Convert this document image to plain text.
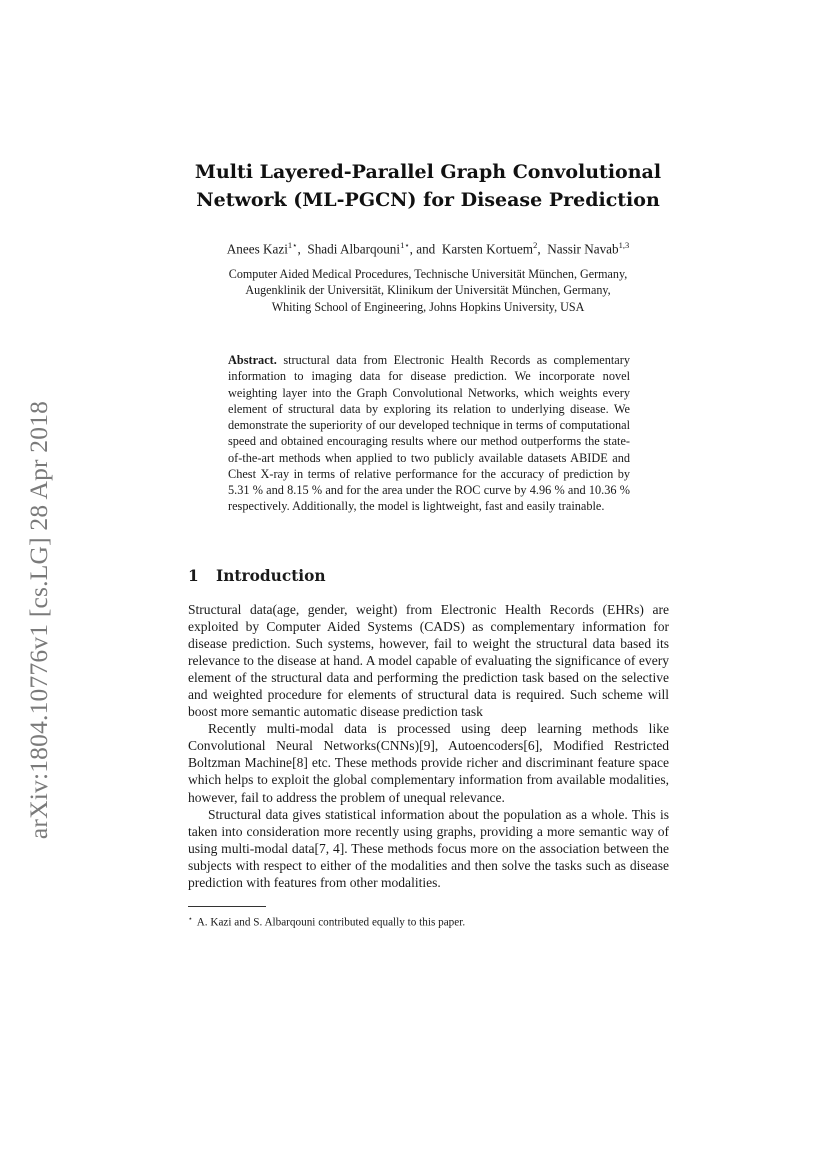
arXiv:1804.10776v1 [cs.LG] 28 Apr 2018
Multi Layered-Parallel Graph Convolutional
Network (ML-PGCN) for Disease Prediction

Anees Kazi$^{1⋆}$,  Shadi Albarqouni$^{1⋆}$, and  Karsten Kortuem$^2$,  Nassir Navab$^{1,3}$

Computer Aided Medical Procedures, Technische Universität München, Germany,
Augenklinik der Universität, Klinikum der Universität München, Germany,
Whiting School of Engineering, Johns Hopkins University, USA

Abstract. structural data from Electronic Health Records as complementary information to imaging data for disease prediction. We incorporate novel weighting layer into the Graph Convolutional Networks, which weights every element of structural data by exploring its relation to underlying disease. We demonstrate the superiority of our developed technique in terms of computational speed and obtained encouraging results where our method outperforms the state-of-the-art methods when applied to two publicly available datasets ABIDE and Chest X-ray in terms of relative performance for the accuracy of prediction by 5.31 % and 8.15 % and for the area under the ROC curve by 4.96 % and 10.36 % respectively. Additionally, the model is lightweight, fast and easily trainable.

1 Introduction

Structural data(age, gender, weight) from Electronic Health Records (EHRs) are exploited by Computer Aided Systems (CADS) as complementary information for disease prediction. Such systems, however, fail to weight the structural data based its relevance to the disease at hand. A model capable of evaluating the significance of every element of the structural data and performing the prediction task based on the selective and weighted procedure for elements of structural data is required. Such scheme will boost more semantic automatic disease prediction task

Recently multi-modal data is processed using deep learning methods like Convolutional Neural Networks(CNNs)[9], Autoencoders[6], Modified Restricted Boltzman Machine[8] etc. These methods provide richer and discriminant feature space which helps to exploit the global complementary information from available modalities, however, fail to address the problem of unequal relevance.

Structural data gives statistical information about the population as a whole. This is taken into consideration more recently using graphs, providing a more semantic way of using multi-modal data[7, 4]. These methods focus more on the association between the subjects with respect to either of the modalities and then solve the tasks such as disease prediction with features from other modalities.

⋆ A. Kazi and S. Albarqouni contributed equally to this paper.
